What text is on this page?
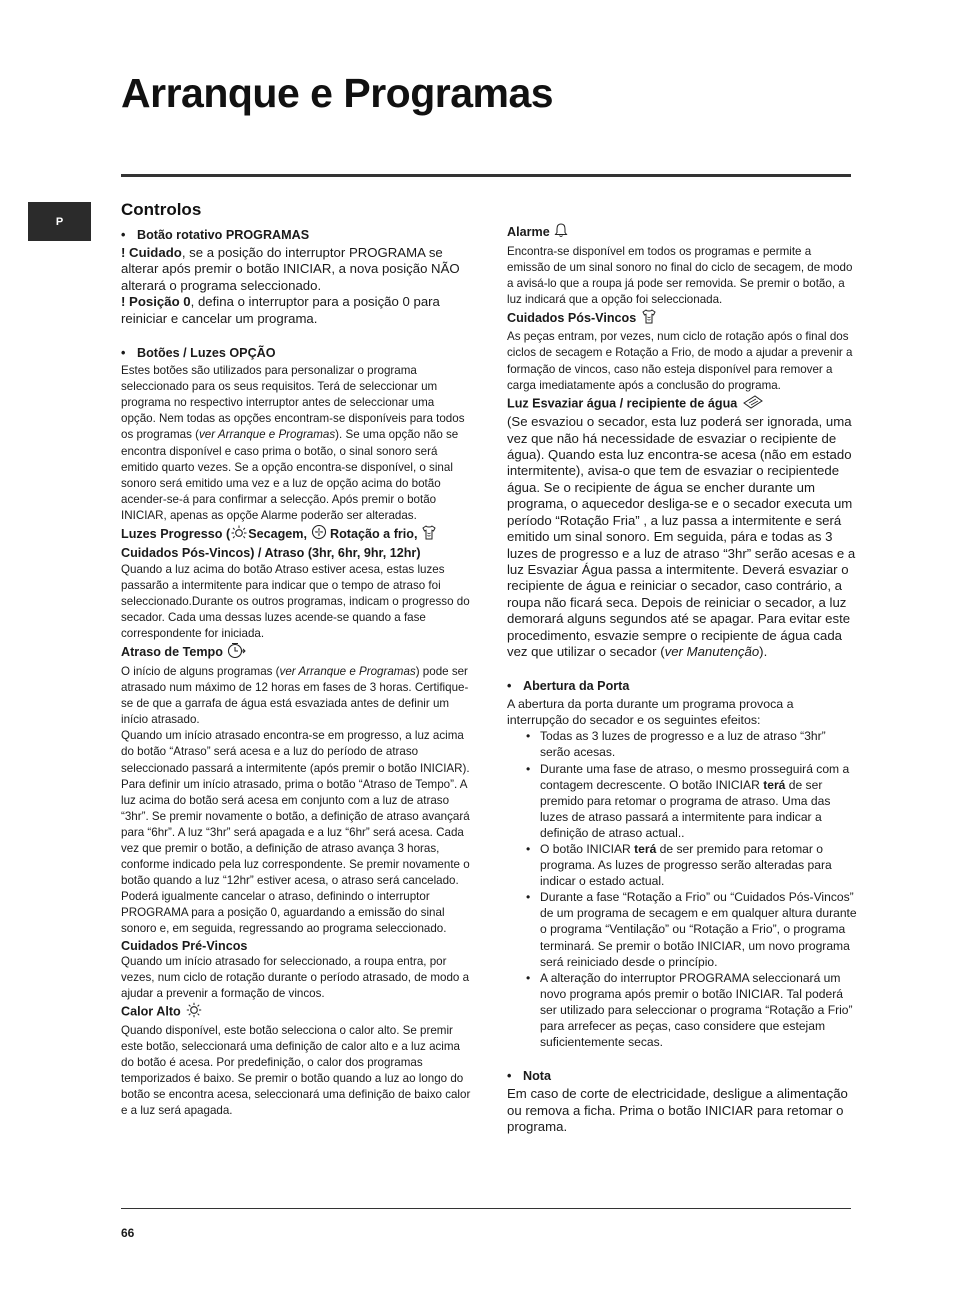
Arranque e Programas
P
Controlos
• Botão rotativo PROGRAMAS

! Cuidado, se a posição do interruptor PROGRAMA se alterar após premir o botão INICIAR, a nova posição NÃO alterará o programa seleccionado.
! Posição 0, defina o interruptor para a posição 0 para reiniciar e cancelar um programa.

• Botões / Luzes OPÇÃO

Estes botões são utilizados para personalizar o programa seleccionado para os seus requisitos. Terá de seleccionar um programa no respectivo interruptor antes de seleccionar uma opção. Nem todas as opções encontram-se disponíveis para todos os programas (ver Arranque e Programas). Se uma opção não se encontra disponível e caso prima o botão, o sinal sonoro será emitido quarto vezes. Se a opção encontra-se disponível, o sinal sonoro será emitido uma vez e a luz de opção acima do botão acender-se-á para confirmar a selecção. Após premir o botão INICIAR, apenas as opçõe Alarme poderão ser alteradas.

Luzes Progresso ( Secagem, Rotação a frio,
Cuidados Pós-Vincos) / Atraso (3hr, 6hr, 9hr, 12hr)

Quando a luz acima do botão Atraso estiver acesa, estas luzes passarão a intermitente para indicar que o tempo de atraso foi seleccionado.Durante os outros programas, indicam o progresso do secador. Cada uma dessas luzes acende-se quando a fase correspondente for iniciada.

Atraso de Tempo

O início de alguns programas (ver Arranque e Programas) pode ser atrasado num máximo de 12 horas em fases de 3 horas. Certifique-se de que a garrafa de água está esvaziada antes de definir um início atrasado.

Quando um início atrasado encontra-se em progresso, a luz acima do botão “Atraso” será acesa e a luz do período de atraso seleccionado passará a intermitente (após premir o botão INICIAR).

Para definir um início atrasado, prima o botão “Atraso de Tempo”. A luz acima do botão será acesa em conjunto com a luz de atraso “3hr”. Se premir novamente o botão, a definição de atraso avançará para “6hr”. A luz “3hr” será apagada e a luz “6hr” será acesa. Cada vez que premir o botão, a definição de atraso avança 3 horas, conforme indicado pela luz correspondente. Se premir novamente o botão quando a luz “12hr” estiver acesa, o atraso será cancelado. Poderá igualmente cancelar o atraso, definindo o interruptor PROGRAMA para a posição 0, aguardando a emissão do sinal sonoro e, em seguida, regressando ao programa seleccionado.

Cuidados Pré-Vincos

Quando um início atrasado for seleccionado, a roupa entra, por vezes, num ciclo de rotação durante o período atrasado, de modo a ajudar a prevenir a formação de vincos.

Calor Alto

Quando disponível, este botão selecciona o calor alto. Se premir este botão, seleccionará uma definição de calor alto e a luz acima do botão é acesa. Por predefinição, o calor dos programas temporizados é baixo. Se premir o botão quando a luz ao longo do botão se encontra acesa, seleccionará uma definição de baixo calor e a luz será apagada.

Alarme

Encontra-se disponível em todos os programas e permite a emissão de um sinal sonoro no final do ciclo de secagem, de modo a avisá-lo que a roupa já pode ser removida. Se premir o botão, a luz indicará que a opção foi seleccionada.

Cuidados Pós-Vincos

As peças entram, por vezes, num ciclo de rotação após o final dos ciclos de secagem e Rotação a Frio, de modo a ajudar a prevenir a formação de vincos, caso não esteja disponível para remover a carga imediatamente após a conclusão do programa.

Luz Esvaziar água / recipiente de água

(Se esvaziou o secador, esta luz poderá ser ignorada, uma vez que não há necessidade de esvaziar o recipiente de água). Quando esta luz encontra-se acesa (não em estado intermitente), avisa-o que tem de esvaziar o recipientede água. Se o recipiente de água se encher durante um programa, o aquecedor desliga-se e o secador executa um período “Rotação Fria” , a luz passa a intermitente e será emitido um sinal sonoro. Em seguida, pára e todas as 3 luzes de progresso e a luz de atraso “3hr” serão acesas e a luz Esvaziar Água passa a intermitente. Deverá esvaziar o recipiente de água e reiniciar o secador, caso contrário, a roupa não ficará seca. Depois de reiniciar o secador, a luz demorará alguns segundos até se apagar. Para evitar este procedimento, esvazie sempre o recipiente de água cada vez que utilizar o secador (ver Manutenção).

• Abertura da Porta

A abertura da porta durante um programa provoca a interrupção do secador e os seguintes efeitos:

• Todas as 3 luzes de progresso e a luz de atraso “3hr” serão acesas.
• Durante uma fase de atraso, o mesmo prosseguirá com a contagem decrescente. O botão INICIAR terá de ser premido para retomar o programa de atraso. Uma das luzes de atraso passará a intermitente para indicar a definição de atraso actual..
• O botão INICIAR terá de ser premido para retomar o programa. As luzes de progresso serão alteradas para indicar o estado actual.
• Durante a fase “Rotação a Frio” ou “Cuidados Pós-Vincos” de um programa de secagem e em qualquer altura durante o programa “Ventilação” ou “Rotação a Frio”, o programa terminará. Se premir o botão INICIAR, um novo programa será reiniciado desde o princípio.
• A alteração do interruptor PROGRAMA seleccionará um novo programa após premir o botão INICIAR. Tal poderá ser utilizado para seleccionar o programa “Rotação a Frio” para arrefecer as peças, caso considere que estejam suficientemente secas.
• Nota

Em caso de corte de electricidade, desligue a alimentação ou remova a ficha. Prima o botão INICIAR para retomar o programa.

66
